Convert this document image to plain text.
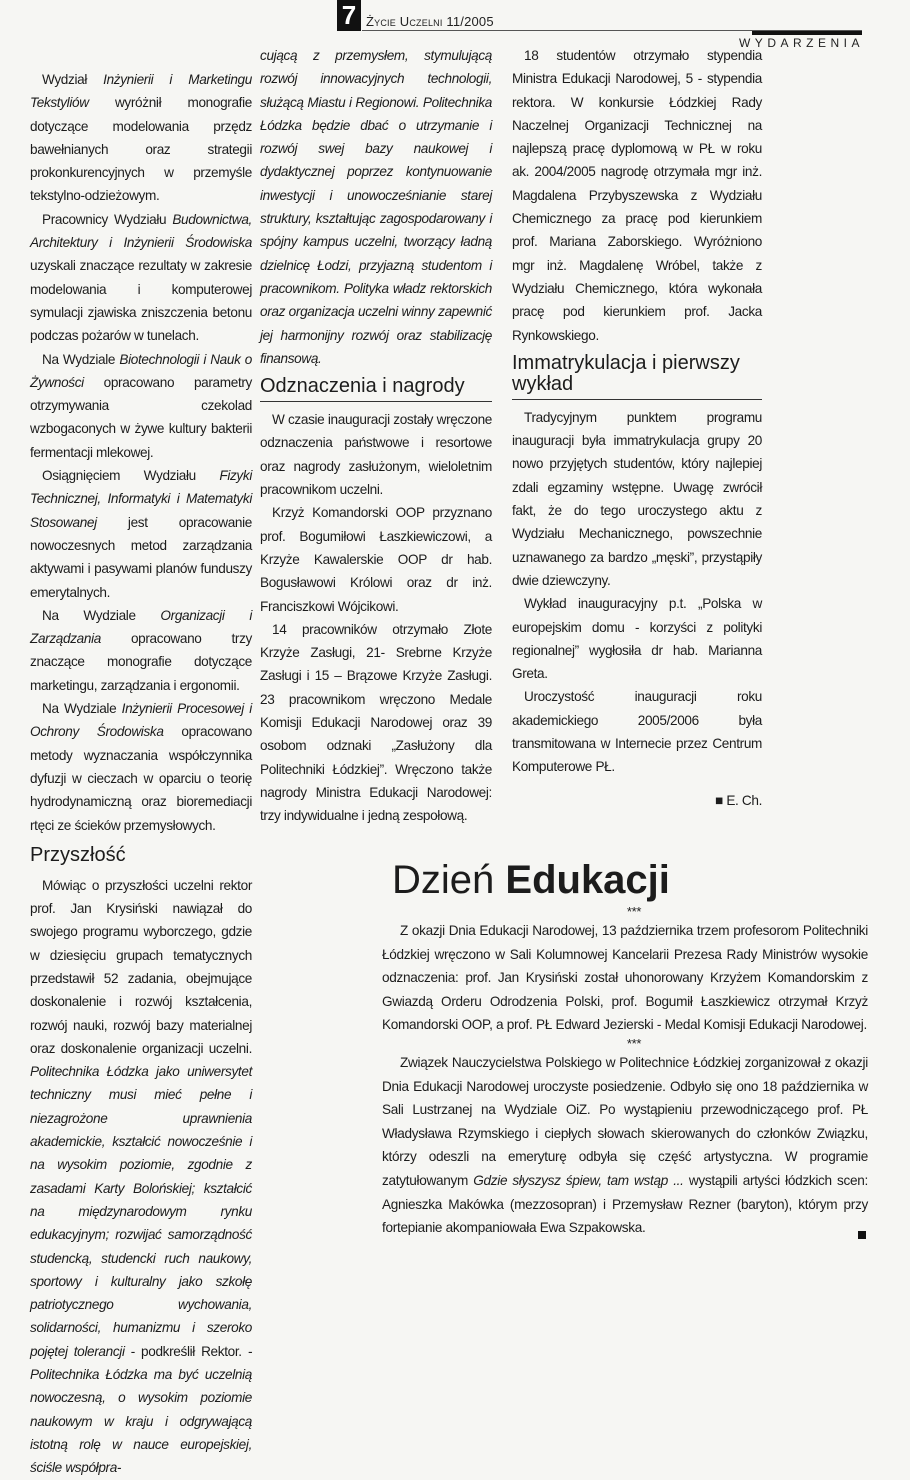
7 Życie Uczelni 11/2005
WYDARZENIA

Wydział Inżynierii i Marketingu Tekstyliów wyróżnił monografie dotyczące modelowania przędz bawełnianych oraz strategii prokonkurencyjnych w przemyśle tekstylno-odzieżowym.

Pracownicy Wydziału Budownictwa, Architektury i Inżynierii Środowiska uzyskali znaczące rezultaty w zakresie modelowania i komputerowej symulacji zjawiska zniszczenia betonu podczas pożarów w tunelach.

Na Wydziale Biotechnologii i Nauk o Żywności opracowano parametry otrzymywania czekolad wzbogaconych w żywe kultury bakterii fermentacji mlekowej.

Osiągnięciem Wydziału Fizyki Technicznej, Informatyki i Matematyki Stosowanej jest opracowanie nowoczesnych metod zarządzania aktywami i pasywami planów funduszy emerytalnych.

Na Wydziale Organizacji i Zarządzania opracowano trzy znaczące monografie dotyczące marketingu, zarządzania i ergonomii.

Na Wydziale Inżynierii Procesowej i Ochrony Środowiska opracowano metody wyznaczania współczynnika dyfuzji w cieczach w oparciu o teorię hydrodynamiczną oraz bioremediacji rtęci ze ścieków przemysłowych.

Przyszłość

Mówiąc o przyszłości uczelni rektor prof. Jan Krysiński nawiązał do swojego programu wyborczego, gdzie w dziesięciu grupach tematycznych przedstawił 52 zadania, obejmujące doskonalenie i rozwój kształcenia, rozwój nauki, rozwój bazy materialnej oraz doskonalenie organizacji uczelni. Politechnika Łódzka jako uniwersytet techniczny musi mieć pełne i niezagrożone uprawnienia akademickie, kształcić nowocześnie i na wysokim poziomie, zgodnie z zasadami Karty Bolońskiej; kształcić na międzynarodowym rynku edukacyjnym; rozwijać samorządność studencką, studencki ruch naukowy, sportowy i kulturalny jako szkołę patriotycznego wychowania, solidarności, humanizmu i szeroko pojętej tolerancji - podkreślił Rektor. - Politechnika Łódzka ma być uczelnią nowoczesną, o wysokim poziomie naukowym w kraju i odgrywającą istotną rolę w nauce europejskiej, ściśle współpra-

cującą z przemysłem, stymulującą rozwój innowacyjnych technologii, służącą Miastu i Regionowi. Politechnika Łódzka będzie dbać o utrzymanie i rozwój swej bazy naukowej i dydaktycznej poprzez kontynuowanie inwestycji i unowocześnianie starej struktury, kształtując zagospodarowany i spójny kampus uczelni, tworzący ładną dzielnicę Łodzi, przyjazną studentom i pracownikom. Polityka władz rektorskich oraz organizacja uczelni winny zapewnić jej harmonijny rozwój oraz stabilizację finansową.

Odznaczenia i nagrody

W czasie inauguracji zostały wręczone odznaczenia państwowe i resortowe oraz nagrody zasłużonym, wieloletnim pracownikom uczelni.

Krzyż Komandorski OOP przyznano prof. Bogumiłowi Łaszkiewiczowi, a Krzyże Kawalerskie OOP dr hab. Bogusławowi Królowi oraz dr inż. Franciszkowi Wójcikowi.

14 pracowników otrzymało Złote Krzyże Zasługi, 21- Srebrne Krzyże Zasługi i 15 – Brązowe Krzyże Zasługi. 23 pracownikom wręczono Medale Komisji Edukacji Narodowej oraz 39 osobom odznaki „Zasłużony dla Politechniki Łódzkiej”. Wręczono także nagrody Ministra Edukacji Narodowej: trzy indywidualne i jedną zespołową.

18 studentów otrzymało stypendia Ministra Edukacji Narodowej, 5 - stypendia rektora. W konkursie Łódzkiej Rady Naczelnej Organizacji Technicznej na najlepszą pracę dyplomową w PŁ w roku ak. 2004/2005 nagrodę otrzymała mgr inż. Magdalena Przybyszewska z Wydziału Chemicznego za pracę pod kierunkiem prof. Mariana Zaborskiego. Wyróżniono mgr inż. Magdalenę Wróbel, także z Wydziału Chemicznego, która wykonała pracę pod kierunkiem prof. Jacka Rynkowskiego.

Immatrykulacja i pierwszy wykład

Tradycyjnym punktem programu inauguracji była immatrykulacja grupy 20 nowo przyjętych studentów, który najlepiej zdali egzaminy wstępne. Uwagę zwrócił fakt, że do tego uroczystego aktu z Wydziału Mechanicznego, powszechnie uznawanego za bardzo „męski”, przystąpiły dwie dziewczyny.

Wykład inauguracyjny p.t. „Polska w europejskim domu - korzyści z polityki regionalnej” wygłosiła dr hab. Marianna Greta.

Uroczystość inauguracji roku akademickiego 2005/2006 była transmitowana w Internecie przez Centrum Komputerowe PŁ.

■ E. Ch.

Dzień Edukacji

***

Z okazji Dnia Edukacji Narodowej, 13 października trzem profesorom Politechniki Łódzkiej wręczono w Sali Kolumnowej Kancelarii Prezesa Rady Ministrów wysokie odznaczenia: prof. Jan Krysiński został uhonorowany Krzyżem Komandorskim z Gwiazdą Orderu Odrodzenia Polski, prof. Bogumił Łaszkiewicz otrzymał Krzyż Komandorski OOP, a prof. PŁ Edward Jezierski - Medal Komisji Edukacji Narodowej.

***

Związek Nauczycielstwa Polskiego w Politechnice Łódzkiej zorganizował z okazji Dnia Edukacji Narodowej uroczyste posiedzenie. Odbyło się ono 18 października w Sali Lustrzanej na Wydziale OiZ. Po wystąpieniu przewodniczącego prof. PŁ Władysława Rzymskiego i ciepłych słowach skierowanych do członków Związku, którzy odeszli na emeryturę odbyła się część artystyczna. W programie zatytułowanym Gdzie słyszysz śpiew, tam wstąp ... wystąpili artyści łódzkich scen: Agnieszka Makówka (mezzosopran) i Przemysław Rezner (baryton), którym przy fortepianie akompaniowała Ewa Szpakowska.
